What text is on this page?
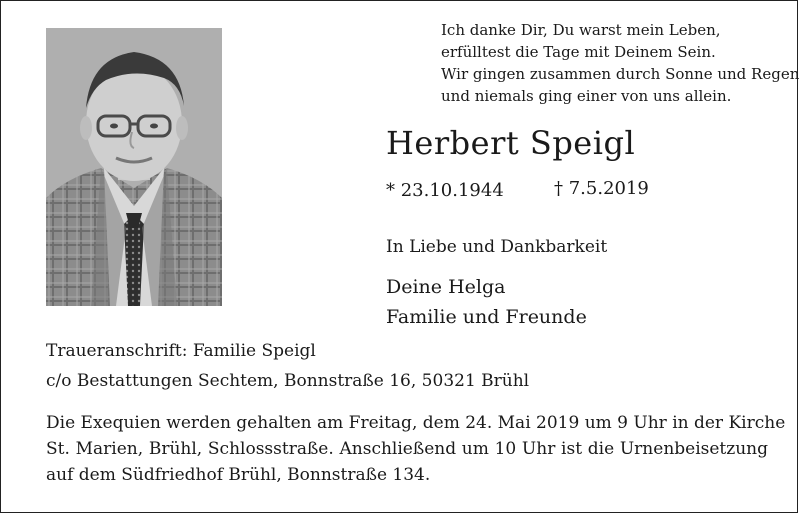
Ich danke Dir, Du warst mein Leben,
erfülltest die Tage mit Deinem Sein.
Wir gingen zusammen durch Sonne und Regen
und niemals ging einer von uns allein.
Herbert Speigl
* 23.10.1944	† 7.5.2019
In Liebe und Dankbarkeit
Deine Helga
Familie und Freunde
Traueranschrift: Familie Speigl
c/o Bestattungen Sechtem, Bonnstraße 16, 50321 Brühl
Die Exequien werden gehalten am Freitag, dem 24. Mai 2019 um 9 Uhr in der Kirche
St. Marien, Brühl, Schlossstraße. Anschließend um 10 Uhr ist die Urnenbeisetzung
auf dem Südfriedhof Brühl, Bonnstraße 134.
